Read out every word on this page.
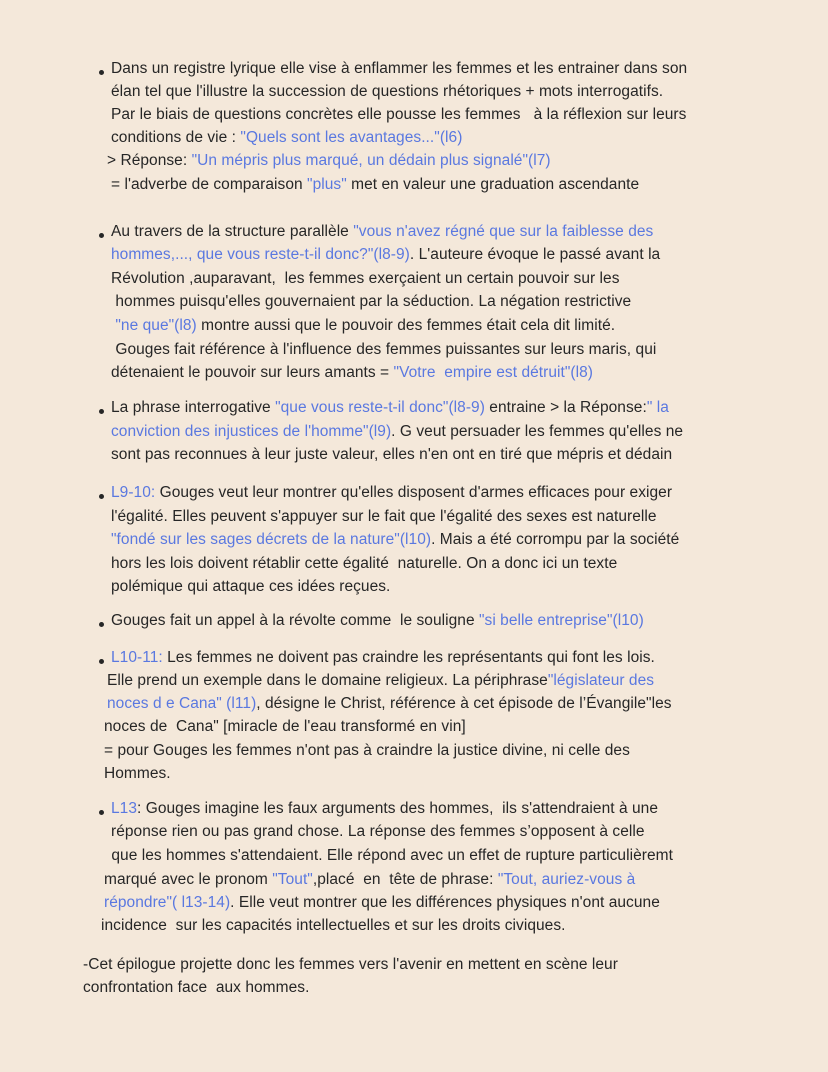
Dans un registre lyrique elle vise à enflammer les femmes et les entrainer dans son
élan tel que l'illustre la succession de questions rhétoriques + mots interrogatifs.
Par le biais de questions concrètes elle pousse les femmes   à la réflexion sur leurs
conditions de vie : "Quels sont les avantages..."(l6)
> Réponse: "Un mépris plus marqué, un dédain plus signalé"(l7)
= l'adverbe de comparaison "plus" met en valeur une graduation ascendante
Au travers de la structure parallèle "vous n'avez régné que sur la faiblesse des
hommes,..., que vous reste-t-il donc?"(l8-9). L'auteure évoque le passé avant la
Révolution ,auparavant,  les femmes exerçaient un certain pouvoir sur les
hommes puisqu'elles gouvernaient par la séduction. La négation restrictive
"ne que"(l8) montre aussi que le pouvoir des femmes était cela dit limité.
Gouges fait référence à l'influence des femmes puissantes sur leurs maris, qui
détenaient le pouvoir sur leurs amants = "Votre  empire est détruit"(l8)
La phrase interrogative "que vous reste-t-il donc"(l8-9) entraine > la Réponse:" la
conviction des injustices de l'homme"(l9). G veut persuader les femmes qu'elles ne
sont pas reconnues à leur juste valeur, elles n'en ont en tiré que mépris et dédain
L9-10: Gouges veut leur montrer qu'elles disposent d'armes efficaces pour exiger
l'égalité. Elles peuvent s'appuyer sur le fait que l'égalité des sexes est naturelle
"fondé sur les sages décrets de la nature"(l10). Mais a été corrompu par la société
hors les lois doivent rétablir cette égalité  naturelle. On a donc ici un texte
polémique qui attaque ces idées reçues.
Gouges fait un appel à la révolte comme  le souligne "si belle entreprise"(l10)
L10-11: Les femmes ne doivent pas craindre les représentants qui font les lois.
Elle prend un exemple dans le domaine religieux. La périphrase"législateur des
noces d e Cana" (l11), désigne le Christ, référence à cet épisode de l’Évangile"les
noces de  Cana" [miracle de l'eau transformé en vin]
= pour Gouges les femmes n'ont pas à craindre la justice divine, ni celle des
Hommes.
L13: Gouges imagine les faux arguments des hommes,  ils s'attendraient à une
réponse rien ou pas grand chose. La réponse des femmes s’opposent à celle
que les hommes s'attendaient. Elle répond avec un effet de rupture particulièremt
marqué avec le pronom "Tout",placé  en  tête de phrase: "Tout, auriez-vous à
répondre"( l13-14). Elle veut montrer que les différences physiques n'ont aucune
incidence  sur les capacités intellectuelles et sur les droits civiques.
-Cet épilogue projette donc les femmes vers l'avenir en mettent en scène leur
confrontation face  aux hommes.
